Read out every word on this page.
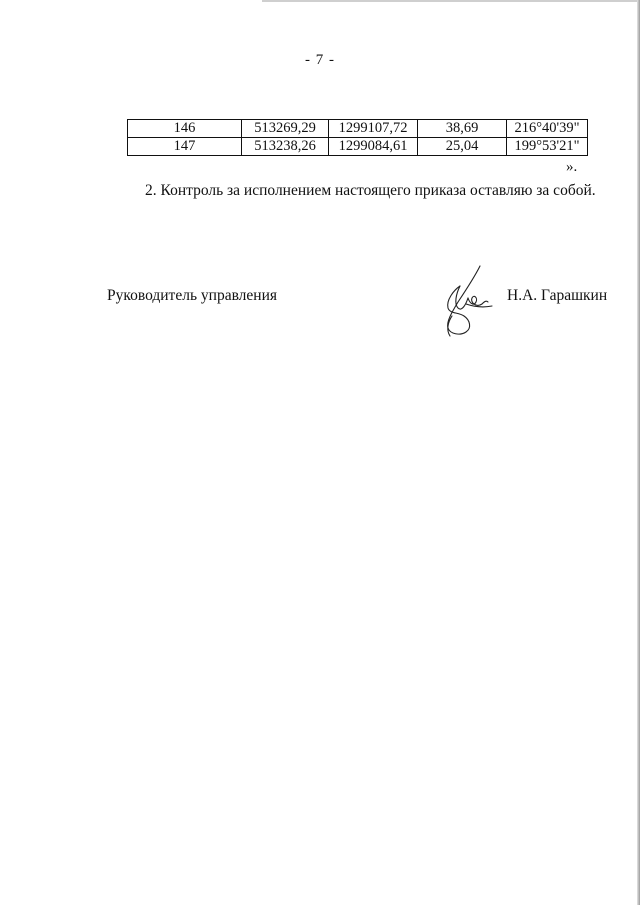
- 7 -
146	513269,29	1299107,72	38,69	216°40'39"
147	513238,26	1299084,61	25,04	199°53'21"
».
2. Контроль за исполнением настоящего приказа оставляю за собой.
Руководитель управления	Н.А. Гарашкин
